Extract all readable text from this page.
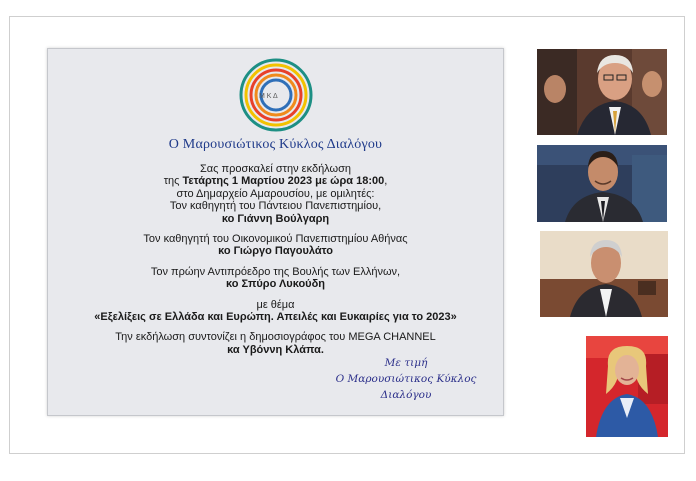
Μ Κ Δ
Ο Μαρουσιώτικος Κύκλος Διαλόγου

Σας προσκαλεί στην εκδήλωση

της Τετάρτης 1 Μαρτίου 2023 με ώρα 18:00,

στο Δημαρχείο Αμαρουσίου, με ομιλητές:

Τον καθηγητή του Πάντειου Πανεπιστημίου,

κο Γιάννη Βούλγαρη

Τον καθηγητή του Οικονομικού Πανεπιστημίου Αθήνας

κο Γιώργο Παγουλάτο

Τον πρώην Αντιπρόεδρο της Βουλής των Ελλήνων,

κο Σπύρο Λυκούδη

με θέμα

«Εξελίξεις σε Ελλάδα και Ευρώπη. Απειλές και Ευκαιρίες για το 2023»

Την εκδήλωση συντονίζει η δημοσιογράφος του MEGA CHANNEL

κα Υβόννη Κλάπα.

Με τιμή
Ο Μαρουσιώτικος Κύκλος
Διαλόγου
